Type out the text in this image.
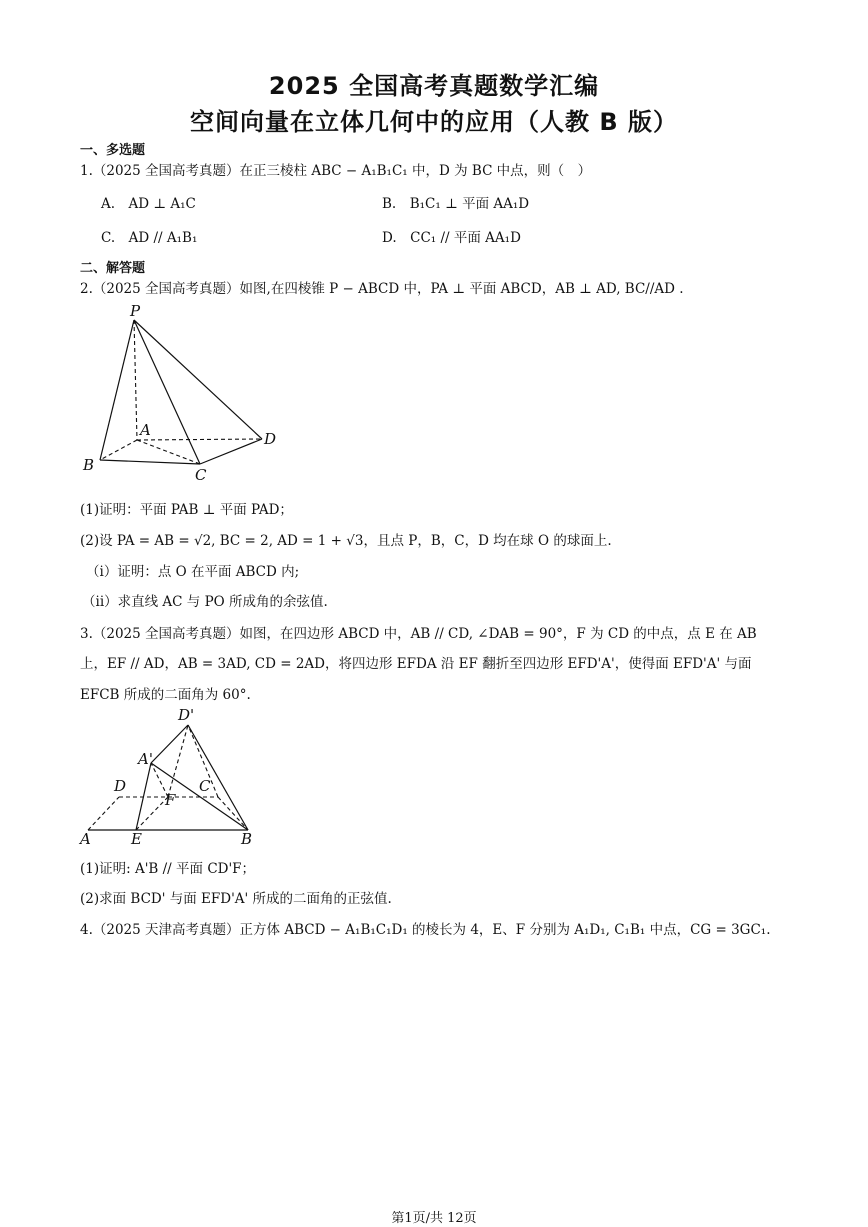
2025 全国高考真题数学汇编
空间向量在立体几何中的应用（人教 B 版）
一、多选题
1.（2025 全国高考真题）在正三棱柱 ABC − A₁B₁C₁ 中，D 为 BC 中点，则（　）
A.　AD ⊥ A₁C	B.　B₁C₁ ⊥ 平面 AA₁D
C.　AD // A₁B₁	D.　CC₁ // 平面 AA₁D
二、解答题
2.（2025 全国高考真题）如图,在四棱锥 P − ABCD 中，PA ⊥ 平面 ABCD，AB ⊥ AD, BC//AD .
P
A	D
B
C
(1)证明：平面 PAB ⊥ 平面 PAD；
(2)设 PA = AB = √2, BC = 2, AD = 1 + √3，且点 P，B，C，D 均在球 O 的球面上.
（i）证明：点 O 在平面 ABCD 内;
（ii）求直线 AC 与 PO 所成角的余弦值.
3.（2025 全国高考真题）如图，在四边形 ABCD 中，AB // CD, ∠DAB = 90°，F 为 CD 的中点，点 E 在 AB
上，EF // AD，AB = 3AD, CD = 2AD，将四边形 EFDA 沿 EF 翻折至四边形 EFD'A'，使得面 EFD'A' 与面
EFCB 所成的二面角为 60°.
D'
A'
D	C
F
A	E	B
(1)证明: A'B // 平面 CD'F；
(2)求面 BCD' 与面 EFD'A' 所成的二面角的正弦值.
4.（2025 天津高考真题）正方体 ABCD − A₁B₁C₁D₁ 的棱长为 4，E、F 分别为 A₁D₁, C₁B₁ 中点，CG = 3GC₁.
第1页/共 12页
